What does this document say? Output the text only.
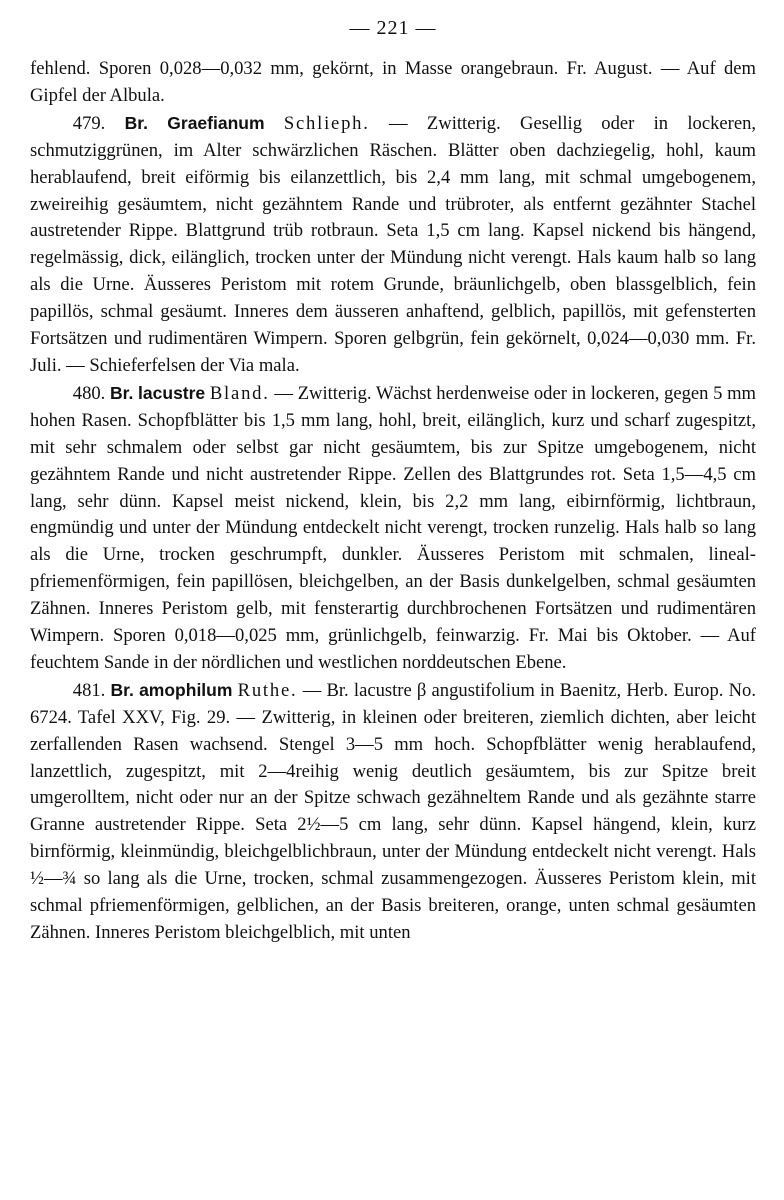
— 221 —

fehlend. Sporen 0,028—0,032 mm, gekörnt, in Masse orangebraun. Fr. August. — Auf dem Gipfel der Albula.

479. Br. Graefianum Schlieph. — Zwitterig. Gesellig oder in lockeren, schmutziggrünen, im Alter schwärzlichen Räschen. Blätter oben dachziegelig, hohl, kaum herablaufend, breit eiförmig bis eilanzettlich, bis 2,4 mm lang, mit schmal umgebogenem, zweireihig gesäumtem, nicht gezähntem Rande und trübroter, als entfernt gezähnter Stachel austretender Rippe. Blattgrund trüb rotbraun. Seta 1,5 cm lang. Kapsel nickend bis hängend, regelmässig, dick, eilänglich, trocken unter der Mündung nicht verengt. Hals kaum halb so lang als die Urne. Äusseres Peristom mit rotem Grunde, bräunlichgelb, oben blassgelblich, fein papillös, schmal gesäumt. Inneres dem äusseren anhaftend, gelblich, papillös, mit gefensterten Fortsätzen und rudimentären Wimpern. Sporen gelbgrün, fein gekörnelt, 0,024—0,030 mm. Fr. Juli. — Schieferfelsen der Via mala.

480. Br. lacustre Bland. — Zwitterig. Wächst herdenweise oder in lockeren, gegen 5 mm hohen Rasen. Schopfblätter bis 1,5 mm lang, hohl, breit, eilänglich, kurz und scharf zugespitzt, mit sehr schmalem oder selbst gar nicht gesäumtem, bis zur Spitze umgebogenem, nicht gezähntem Rande und nicht austretender Rippe. Zellen des Blattgrundes rot. Seta 1,5—4,5 cm lang, sehr dünn. Kapsel meist nickend, klein, bis 2,2 mm lang, eibirnförmig, lichtbraun, engmündig und unter der Mündung entdeckelt nicht verengt, trocken runzelig. Hals halb so lang als die Urne, trocken geschrumpft, dunkler. Äusseres Peristom mit schmalen, lineal-pfriemenförmigen, fein papillösen, bleichgelben, an der Basis dunkelgelben, schmal gesäumten Zähnen. Inneres Peristom gelb, mit fensterartig durchbrochenen Fortsätzen und rudimentären Wimpern. Sporen 0,018—0,025 mm, grünlichgelb, feinwarzig. Fr. Mai bis Oktober. — Auf feuchtem Sande in der nördlichen und westlichen norddeutschen Ebene.

481. Br. amophilum Ruthe. — Br. lacustre β angustifolium in Baenitz, Herb. Europ. No. 6724. Tafel XXV, Fig. 29. — Zwitterig, in kleinen oder breiteren, ziemlich dichten, aber leicht zerfallenden Rasen wachsend. Stengel 3—5 mm hoch. Schopfblätter wenig herablaufend, lanzettlich, zugespitzt, mit 2—4reihig wenig deutlich gesäumtem, bis zur Spitze breit umgerolltem, nicht oder nur an der Spitze schwach gezähneltem Rande und als gezähnte starre Granne austretender Rippe. Seta 2½—5 cm lang, sehr dünn. Kapsel hängend, klein, kurz birnförmig, kleinmündig, bleichgelblichbraun, unter der Mündung entdeckelt nicht verengt. Hals ½—¾ so lang als die Urne, trocken, schmal zusammengezogen. Äusseres Peristom klein, mit schmal pfriemenförmigen, gelblichen, an der Basis breiteren, orange, unten schmal gesäumten Zähnen. Inneres Peristom bleichgelblich, mit unten
